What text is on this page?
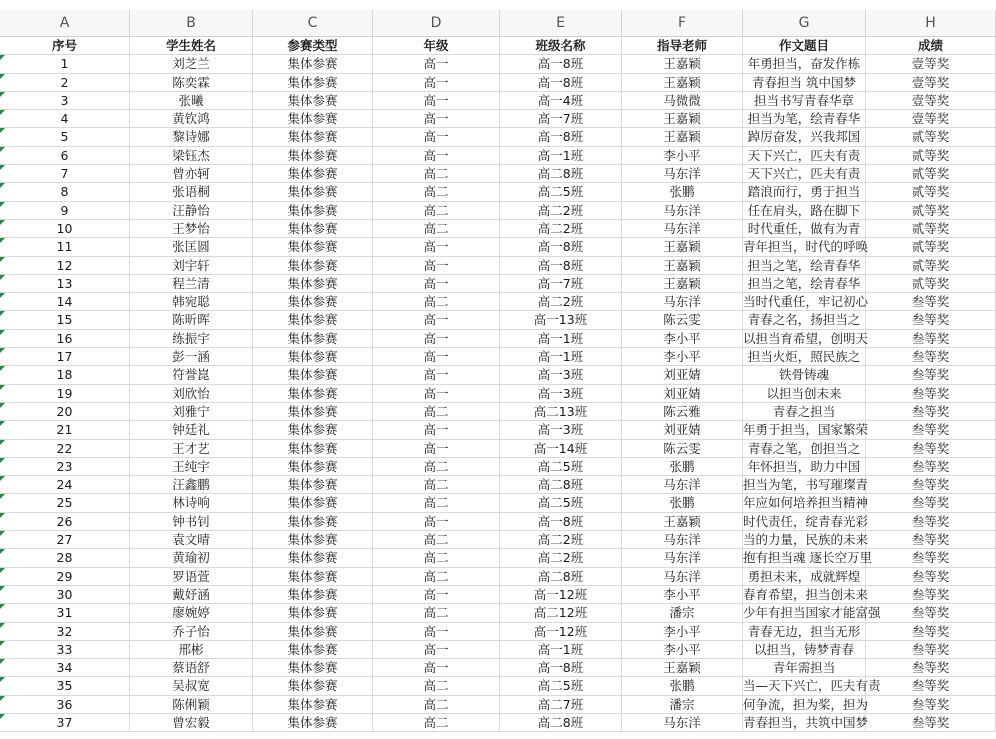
A	B	C	D	E	F	G	H
序号	学生姓名	参赛类型	年级	班级名称	指导老师	作文题目	成绩
1	刘芝兰	集体参赛	高一	高一8班	王嘉颖	年勇担当，奋发作栋	壹等奖
2	陈奕霖	集体参赛	高一	高一8班	王嘉颖	青春担当 筑中国梦	壹等奖
3	张曦	集体参赛	高一	高一4班	马微微	担当书写青春华章	壹等奖
4	黄钦鸿	集体参赛	高一	高一7班	王嘉颖	担当为笔，绘青春华	壹等奖
5	黎诗娜	集体参赛	高一	高一8班	王嘉颖	踔厉奋发，兴我邦国	贰等奖
6	梁钰杰	集体参赛	高一	高一1班	李小平	天下兴亡，匹夫有责	贰等奖
7	曾亦轲	集体参赛	高二	高二8班	马东洋	天下兴亡，匹夫有责	贰等奖
8	张语桐	集体参赛	高二	高二5班	张鹏	踏浪而行，勇于担当	贰等奖
9	汪静怡	集体参赛	高二	高二2班	马东洋	任在肩头，路在脚下	贰等奖
10	王梦怡	集体参赛	高二	高二2班	马东洋	时代重任，做有为青	贰等奖
11	张匡圆	集体参赛	高一	高一8班	王嘉颖	青年担当，时代的呼唤	贰等奖
12	刘宇轩	集体参赛	高一	高一8班	王嘉颖	担当之笔，绘青春华	贰等奖
13	程兰清	集体参赛	高一	高一7班	王嘉颖	担当之笔，绘青春华	贰等奖
14	韩宛聪	集体参赛	高二	高二2班	马东洋	当时代重任，牢记初心	叁等奖
15	陈昕晖	集体参赛	高一	高一13班	陈云雯	青春之名，扬担当之	叁等奖
16	练振宇	集体参赛	高一	高一1班	李小平	以担当育希望，创明天	叁等奖
17	彭一涵	集体参赛	高一	高一1班	李小平	担当火炬，照民族之	叁等奖
18	符誉崑	集体参赛	高一	高一3班	刘亚婧	铁骨铸魂	叁等奖
19	刘欣怡	集体参赛	高一	高一3班	刘亚婧	以担当创未来	叁等奖
20	刘雅宁	集体参赛	高二	高二13班	陈云雅	青春之担当	叁等奖
21	钟廷礼	集体参赛	高一	高一3班	刘亚婧	年勇于担当，国家繁荣	叁等奖
22	王才艺	集体参赛	高一	高一14班	陈云雯	青春之笔，创担当之	叁等奖
23	王纯宇	集体参赛	高二	高二5班	张鹏	年怀担当，助力中国	叁等奖
24	汪鑫鹏	集体参赛	高二	高二8班	马东洋	担当为笔，书写璀璨青	叁等奖
25	林诗响	集体参赛	高二	高二5班	张鹏	年应如何培养担当精神	叁等奖
26	钟书钊	集体参赛	高一	高一8班	王嘉颖	时代责任，绽青春光彩	叁等奖
27	袁文晴	集体参赛	高二	高二2班	马东洋	当的力量，民族的未来	叁等奖
28	黄瑜初	集体参赛	高二	高二2班	马东洋	抱有担当魂 逐长空万里	叁等奖
29	罗语萱	集体参赛	高二	高二8班	马东洋	勇担未来，成就辉煌	叁等奖
30	戴妤涵	集体参赛	高一	高一12班	李小平	春育希望，担当创未来	叁等奖
31	廖婉婷	集体参赛	高二	高二12班	潘宗	少年有担当国家才能富强	叁等奖
32	乔子怡	集体参赛	高一	高一12班	李小平	青春无边，担当无形	叁等奖
33	邢彬	集体参赛	高一	高一1班	李小平	以担当，铸梦青春	叁等奖
34	蔡语舒	集体参赛	高一	高一8班	王嘉颖	青年需担当	叁等奖
35	吴叔宽	集体参赛	高二	高二5班	张鹏	当—天下兴亡，匹夫有责	叁等奖
36	陈俐颖	集体参赛	高二	高二7班	潘宗	何争流，担为桨，担为	叁等奖
37	曾宏毅	集体参赛	高二	高二8班	马东洋	青春担当，共筑中国梦	叁等奖
